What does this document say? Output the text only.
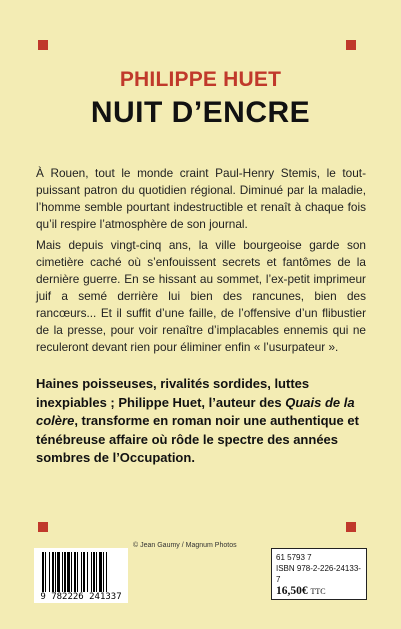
PHILIPPE HUET
NUIT D’ENCRE

À Rouen, tout le monde craint Paul-Henry Stemis, le tout-puissant patron du quotidien régional. Diminué par la maladie, l’homme semble pourtant indestructible et renaît à chaque fois qu’il respire l’atmosphère de son journal.

Mais depuis vingt-cinq ans, la ville bourgeoise garde son cimetière caché où s’enfouissent secrets et fantômes de la dernière guerre. En se hissant au sommet, l’ex-petit imprimeur juif a semé derrière lui bien des rancunes, bien des rancœurs... Et il suffit d’une faille, de l’offensive d’un flibustier de la presse, pour voir renaître d’implacables ennemis qui ne reculeront devant rien pour éliminer enfin « l’usurpateur ».

Haines poisseuses, rivalités sordides, luttes inexpiables ; Philippe Huet, l’auteur des Quais de la colère, transforme en roman noir une authentique et ténébreuse affaire où rôde le spectre des années sombres de l’Occupation.

9 782226 241337
© Jean Gaumy / Magnum Photos
61 5793 7
ISBN 978-2-226-24133-7
16,50€ TTC
